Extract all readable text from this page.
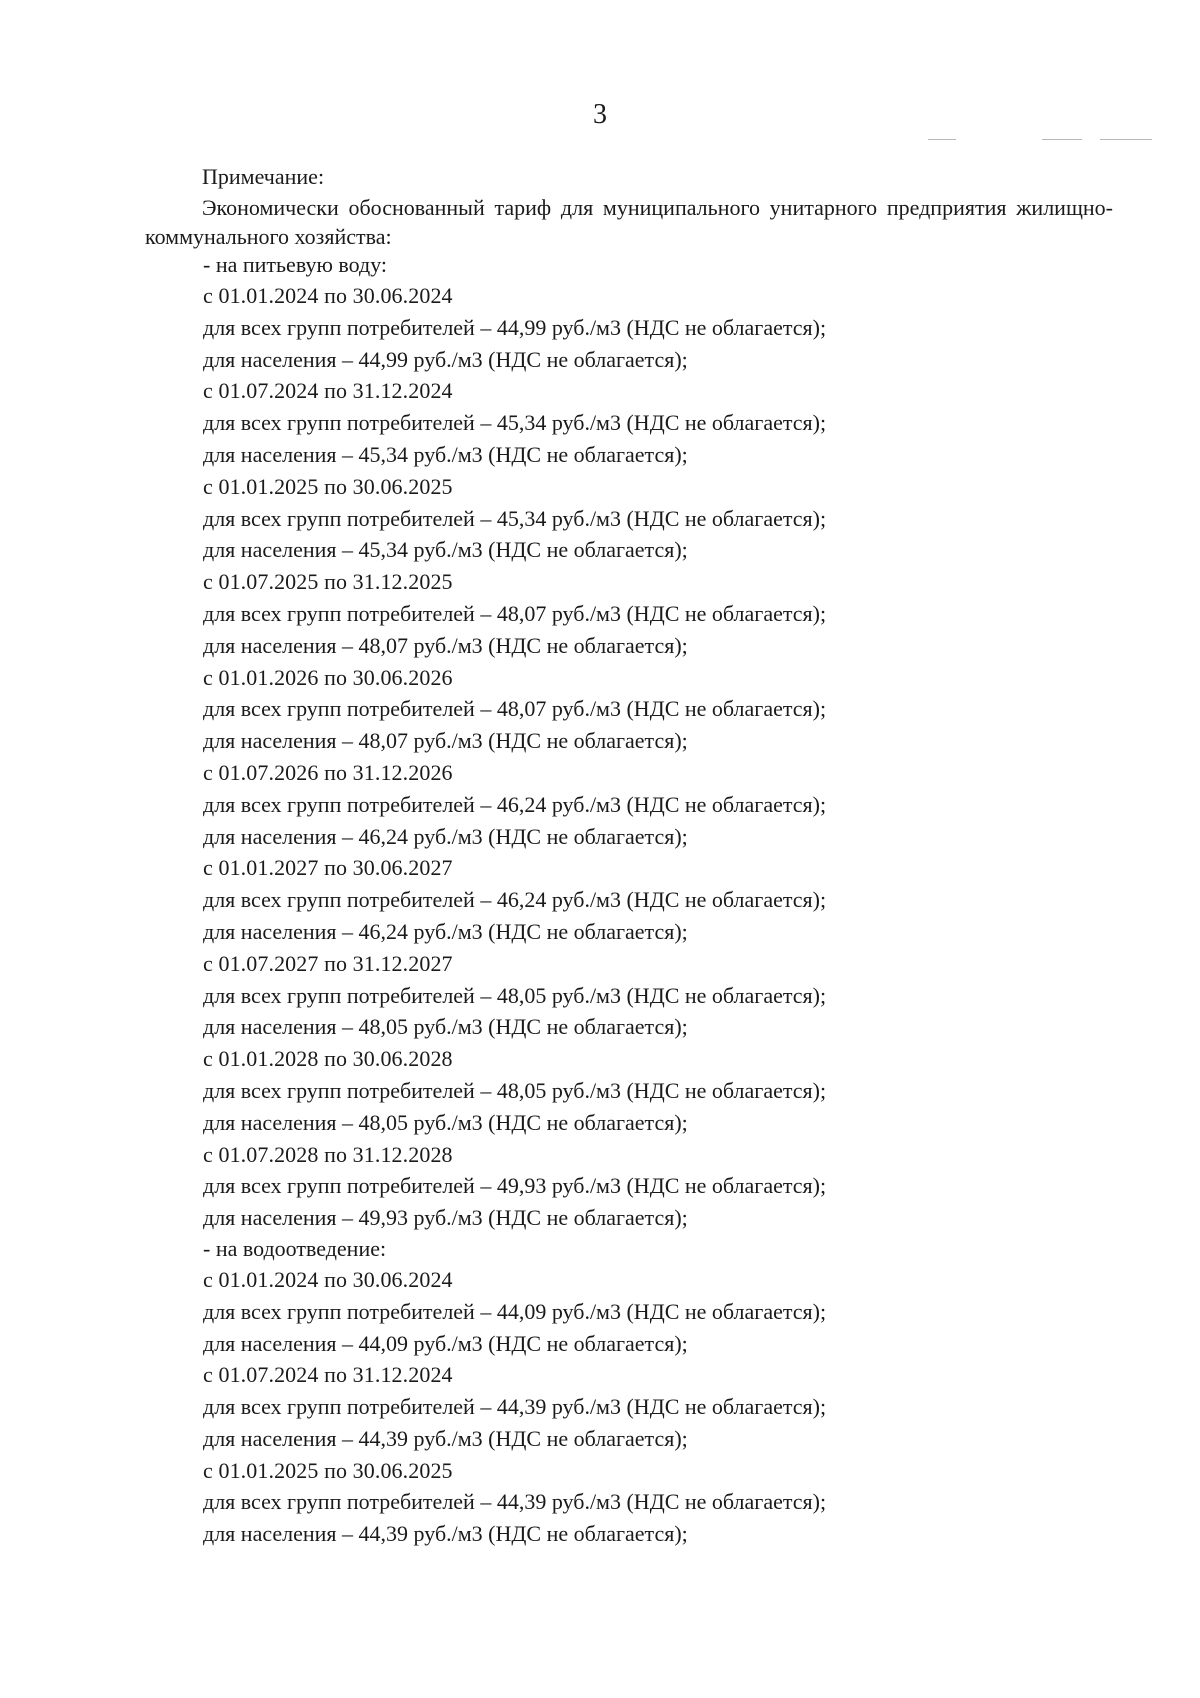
3
Примечание:
Экономически обоснованный тариф для муниципального унитарного предприятия жилищно-коммунального хозяйства:
- на питьевую воду:
с 01.01.2024 по 30.06.2024
для всех групп потребителей – 44,99 руб./м3 (НДС не облагается);
для населения – 44,99 руб./м3 (НДС не облагается);
с 01.07.2024 по 31.12.2024
для всех групп потребителей – 45,34 руб./м3 (НДС не облагается);
для населения – 45,34 руб./м3 (НДС не облагается);
с 01.01.2025 по 30.06.2025
для всех групп потребителей – 45,34 руб./м3 (НДС не облагается);
для населения – 45,34 руб./м3 (НДС не облагается);
с 01.07.2025 по 31.12.2025
для всех групп потребителей – 48,07 руб./м3 (НДС не облагается);
для населения – 48,07 руб./м3 (НДС не облагается);
с 01.01.2026 по 30.06.2026
для всех групп потребителей – 48,07 руб./м3 (НДС не облагается);
для населения – 48,07 руб./м3 (НДС не облагается);
с 01.07.2026 по 31.12.2026
для всех групп потребителей – 46,24 руб./м3 (НДС не облагается);
для населения – 46,24 руб./м3 (НДС не облагается);
с 01.01.2027 по 30.06.2027
для всех групп потребителей – 46,24 руб./м3 (НДС не облагается);
для населения – 46,24 руб./м3 (НДС не облагается);
с 01.07.2027 по 31.12.2027
для всех групп потребителей – 48,05 руб./м3 (НДС не облагается);
для населения – 48,05 руб./м3 (НДС не облагается);
с 01.01.2028 по 30.06.2028
для всех групп потребителей – 48,05 руб./м3 (НДС не облагается);
для населения – 48,05 руб./м3 (НДС не облагается);
с 01.07.2028 по 31.12.2028
для всех групп потребителей – 49,93 руб./м3 (НДС не облагается);
для населения – 49,93 руб./м3 (НДС не облагается);
- на водоотведение:
с 01.01.2024 по 30.06.2024
для всех групп потребителей – 44,09 руб./м3 (НДС не облагается);
для населения – 44,09 руб./м3 (НДС не облагается);
с 01.07.2024 по 31.12.2024
для всех групп потребителей – 44,39 руб./м3 (НДС не облагается);
для населения – 44,39 руб./м3 (НДС не облагается);
с 01.01.2025 по 30.06.2025
для всех групп потребителей – 44,39 руб./м3 (НДС не облагается);
для населения – 44,39 руб./м3 (НДС не облагается);
